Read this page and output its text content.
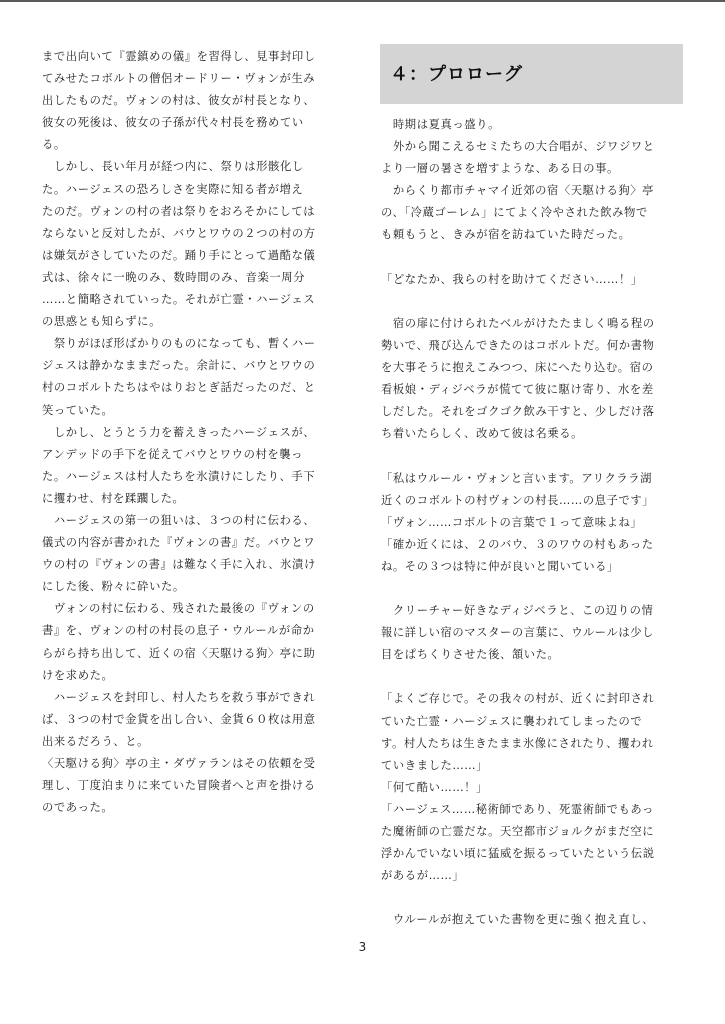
まで出向いて『霊鎮めの儀』を習得し、見事封印し
てみせたコボルトの僧侶オードリー・ヴォンが生み
出したものだ。ヴォンの村は、彼女が村長となり、
彼女の死後は、彼女の子孫が代々村長を務めてい
る。
　しかし、長い年月が経つ内に、祭りは形骸化し
た。ハージェスの恐ろしさを実際に知る者が増え
たのだ。ヴォンの村の者は祭りをおろそかにしては
ならないと反対したが、バウとワウの２つの村の方
は嫌気がさしていたのだ。踊り手にとって過酷な儀
式は、徐々に一晩のみ、数時間のみ、音楽一周分
……と簡略されていった。それが亡霊・ハージェス
の思惑とも知らずに。
　祭りがほぼ形ばかりのものになっても、暫くハー
ジェスは静かなままだった。余計に、バウとワウの
村のコボルトたちはやはりおとぎ話だったのだ、と
笑っていた。
　しかし、とうとう力を蓄えきったハージェスが、
アンデッドの手下を従えてバウとワウの村を襲っ
た。ハージェスは村人たちを氷漬けにしたり、手下
に攫わせ、村を蹂躙した。
　ハージェスの第一の狙いは、３つの村に伝わる、
儀式の内容が書かれた『ヴォンの書』だ。バウとワ
ウの村の『ヴォンの書』は難なく手に入れ、氷漬け
にした後、粉々に砕いた。
　ヴォンの村に伝わる、残された最後の『ヴォンの
書』を、ヴォンの村の村長の息子・ウルールが命か
らがら持ち出して、近くの宿〈天駆ける狗〉亭に助
けを求めた。
　ハージェスを封印し、村人たちを救う事ができれ
ば、３つの村で金貨を出し合い、金貨６０枚は用意
出来るだろう、と。
〈天駆ける狗〉亭の主・ダヴァランはその依頼を受
理し、丁度泊まりに来ていた冒険者へと声を掛ける
のであった。
４：プロローグ
　時期は夏真っ盛り。
　外から聞こえるセミたちの大合唱が、ジワジワと
より一層の暑さを増すような、ある日の事。
　からくり都市チャマイ近郊の宿〈天駆ける狗〉亭
の、「冷蔵ゴーレム」にてよく冷やされた飲み物で
も頼もうと、きみが宿を訪ねていた時だった。
「どなたか、我らの村を助けてください……！」
　宿の扉に付けられたベルがけたたましく鳴る程の
勢いで、飛び込んできたのはコボルトだ。何か書物
を大事そうに抱えこみつつ、床にへたり込む。宿の
看板娘・ディジベラが慌てて彼に駆け寄り、水を差
しだした。それをゴクゴク飲み干すと、少しだけ落
ち着いたらしく、改めて彼は名乗る。
「私はウルール・ヴォンと言います。アリクララ湖
近くのコボルトの村ヴォンの村長……の息子です」
「ヴォン……コボルトの言葉で１って意味よね」
「確か近くには、２のバウ、３のワウの村もあった
ね。その３つは特に仲が良いと聞いている」
　クリーチャー好きなディジベラと、この辺りの情
報に詳しい宿のマスターの言葉に、ウルールは少し
目をぱちくりさせた後、頷いた。
「よくご存じで。その我々の村が、近くに封印され
ていた亡霊・ハージェスに襲われてしまったので
す。村人たちは生きたまま氷像にされたり、攫われ
ていきました……」
「何て酷い……！」
「ハージェス……秘術師であり、死霊術師でもあっ
た魔術師の亡霊だな。天空都市ジョルクがまだ空に
浮かんでいない頃に猛威を振るっていたという伝説
があるが……」
　ウルールが抱えていた書物を更に強く抱え直し、
3
